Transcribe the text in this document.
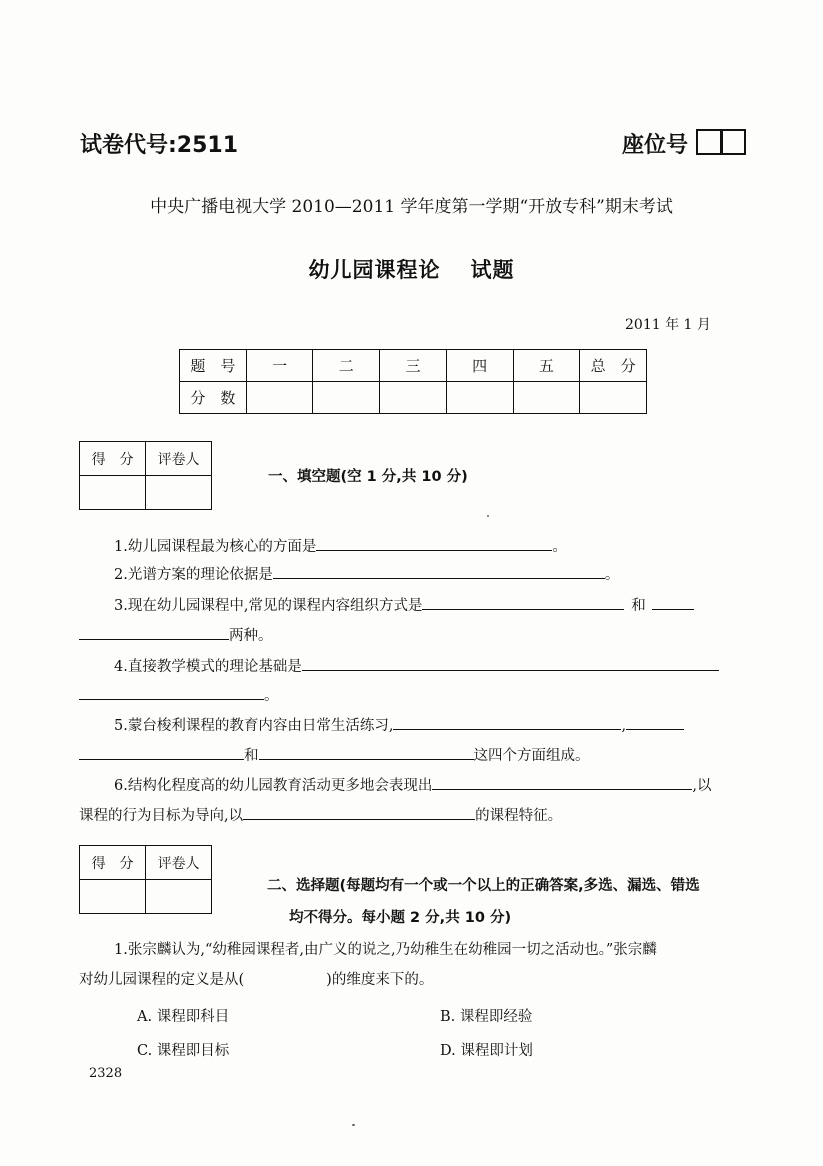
试卷代号:2511	座位号
中央广播电视大学 2010—2011 学年度第一学期“开放专科”期末考试
幼儿园课程论 试题
2011 年 1 月
题　号	一	二	三	四	五	总　分
分　数						
得　分	评卷人

一、填空题(空 1 分,共 10 分)
1.幼儿园课程最为核心的方面是	。
2.光谱方案的理论依据是	。
3.现在幼儿园课程中,常见的课程内容组织方式是	和
两种。
4.直接教学模式的理论基础是
。
5.蒙台梭利课程的教育内容由日常生活练习,	,
和	这四个方面组成。
6.结构化程度高的幼儿园教育活动更多地会表现出	,以
课程的行为目标为导向,以	的课程特征。
得　分	评卷人

二、选择题(每题均有一个或一个以上的正确答案,多选、漏选、错选
均不得分。每小题 2 分,共 10 分)
1.张宗麟认为,“幼稚园课程者,由广义的说之,乃幼稚生在幼稚园一切之活动也。”张宗麟
对幼儿园课程的定义是从(	)的维度来下的。
A. 课程即科目	B. 课程即经验
C. 课程即目标	D. 课程即计划
2328
